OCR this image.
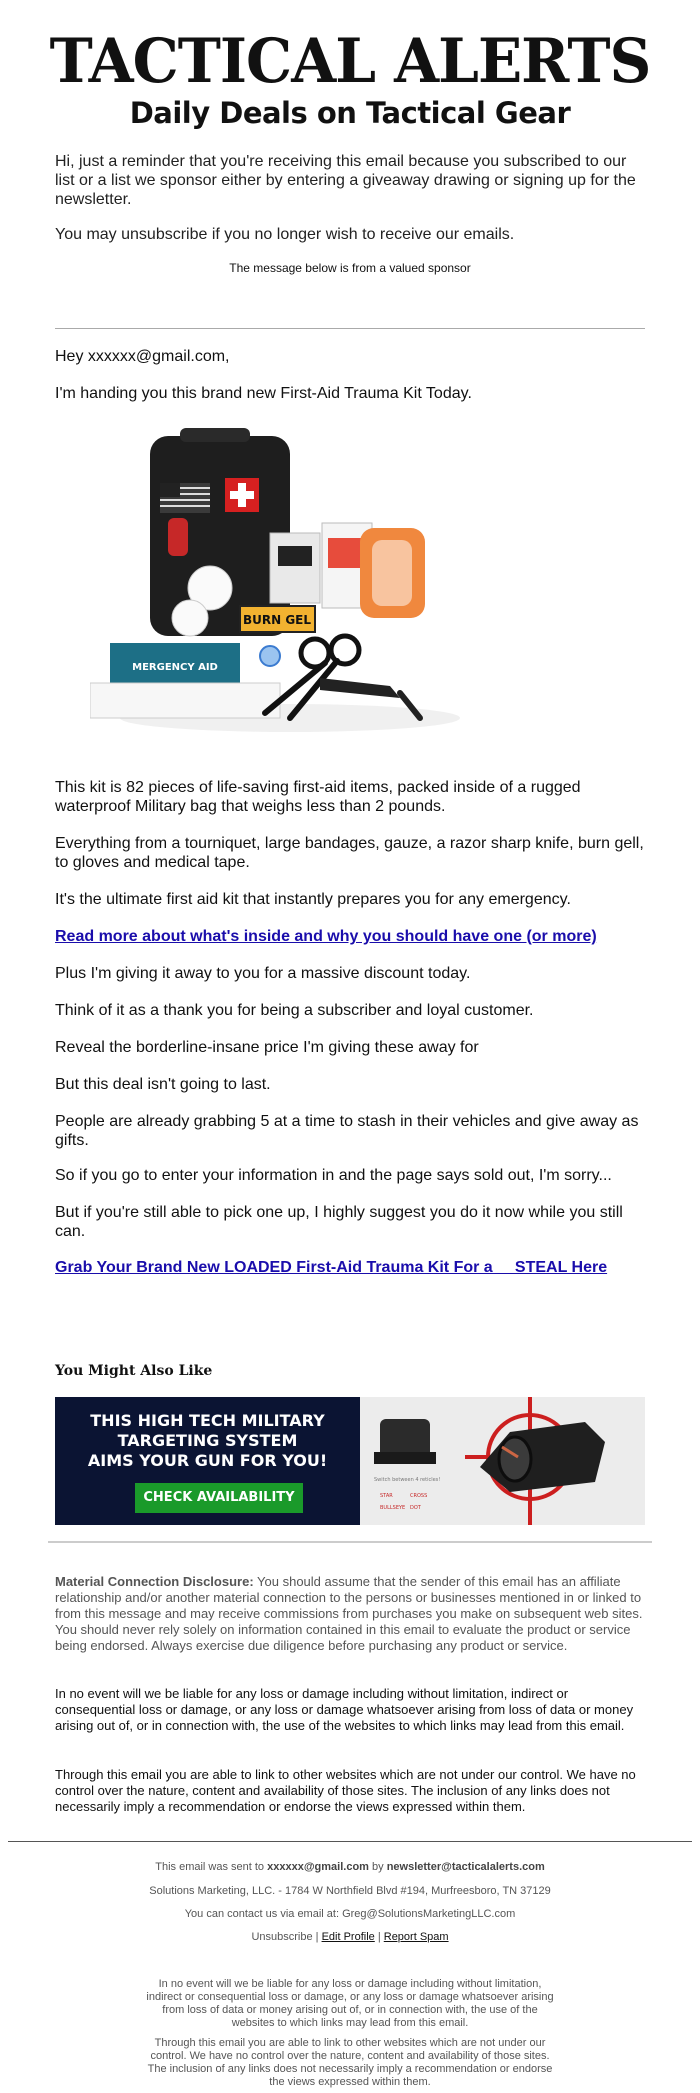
TACTICAL ALERTS
Daily Deals on Tactical Gear
Hi, just a reminder that you're receiving this email because you subscribed to our list or a list we sponsor either by entering a giveaway drawing or signing up for the newsletter.
You may unsubscribe if you no longer wish to receive our emails.
The message below is from a valued sponsor
Hey xxxxxx@gmail.com,
I'm handing you this brand new First-Aid Trauma Kit Today.
BURN GEL
MERGENCY AID
This kit is 82 pieces of life-saving first-aid items, packed inside of a rugged waterproof Military bag that weighs less than 2 pounds.
Everything from a tourniquet, large bandages, gauze, a razor sharp knife, burn gell, to gloves and medical tape.
It's the ultimate first aid kit that instantly prepares you for any emergency.
Read more about what's inside and why you should have one (or more)
Plus I'm giving it away to you for a massive discount today.
Think of it as a thank you for being a subscriber and loyal customer.
Reveal the borderline-insane price I'm giving these away for
But this deal isn't going to last.
People are already grabbing 5 at a time to stash in their vehicles and give away as gifts.
So if you go to enter your information in and the page says sold out, I'm sorry...
But if you're still able to pick one up, I highly suggest you do it now while you still can.
Grab Your Brand New LOADED First-Aid Trauma Kit For a     STEAL Here
You Might Also Like
THIS HIGH TECH MILITARY
TARGETING SYSTEM
AIMS YOUR GUN FOR YOU!
CHECK AVAILABILITY
Switch between 4 reticles!
STAR	CROSS
BULLSEYE DOT
Material Connection Disclosure: You should assume that the sender of this email has an affiliate relationship and/or another material connection to the persons or businesses mentioned in or linked to from this message and may receive commissions from purchases you make on subsequent web sites. You should never rely solely on information contained in this email to evaluate the product or service being endorsed. Always exercise due diligence before purchasing any product or service.
In no event will we be liable for any loss or damage including without limitation, indirect or consequential loss or damage, or any loss or damage whatsoever arising from loss of data or money arising out of, or in connection with, the use of the websites to which links may lead from this email.
Through this email you are able to link to other websites which are not under our control. We have no control over the nature, content and availability of those sites. The inclusion of any links does not necessarily imply a recommendation or endorse the views expressed within them.
This email was sent to xxxxxx@gmail.com by newsletter@tacticalalerts.com
Solutions Marketing, LLC. - 1784 W Northfield Blvd #194, Murfreesboro, TN 37129
You can contact us via email at: Greg@SolutionsMarketingLLC.com
Unsubscribe | Edit Profile | Report Spam
In no event will we be liable for any loss or damage including without limitation, indirect or consequential loss or damage, or any loss or damage whatsoever arising from loss of data or money arising out of, or in connection with, the use of the websites to which links may lead from this email.
Through this email you are able to link to other websites which are not under our control. We have no control over the nature, content and availability of those sites. The inclusion of any links does not necessarily imply a recommendation or endorse the views expressed within them.
